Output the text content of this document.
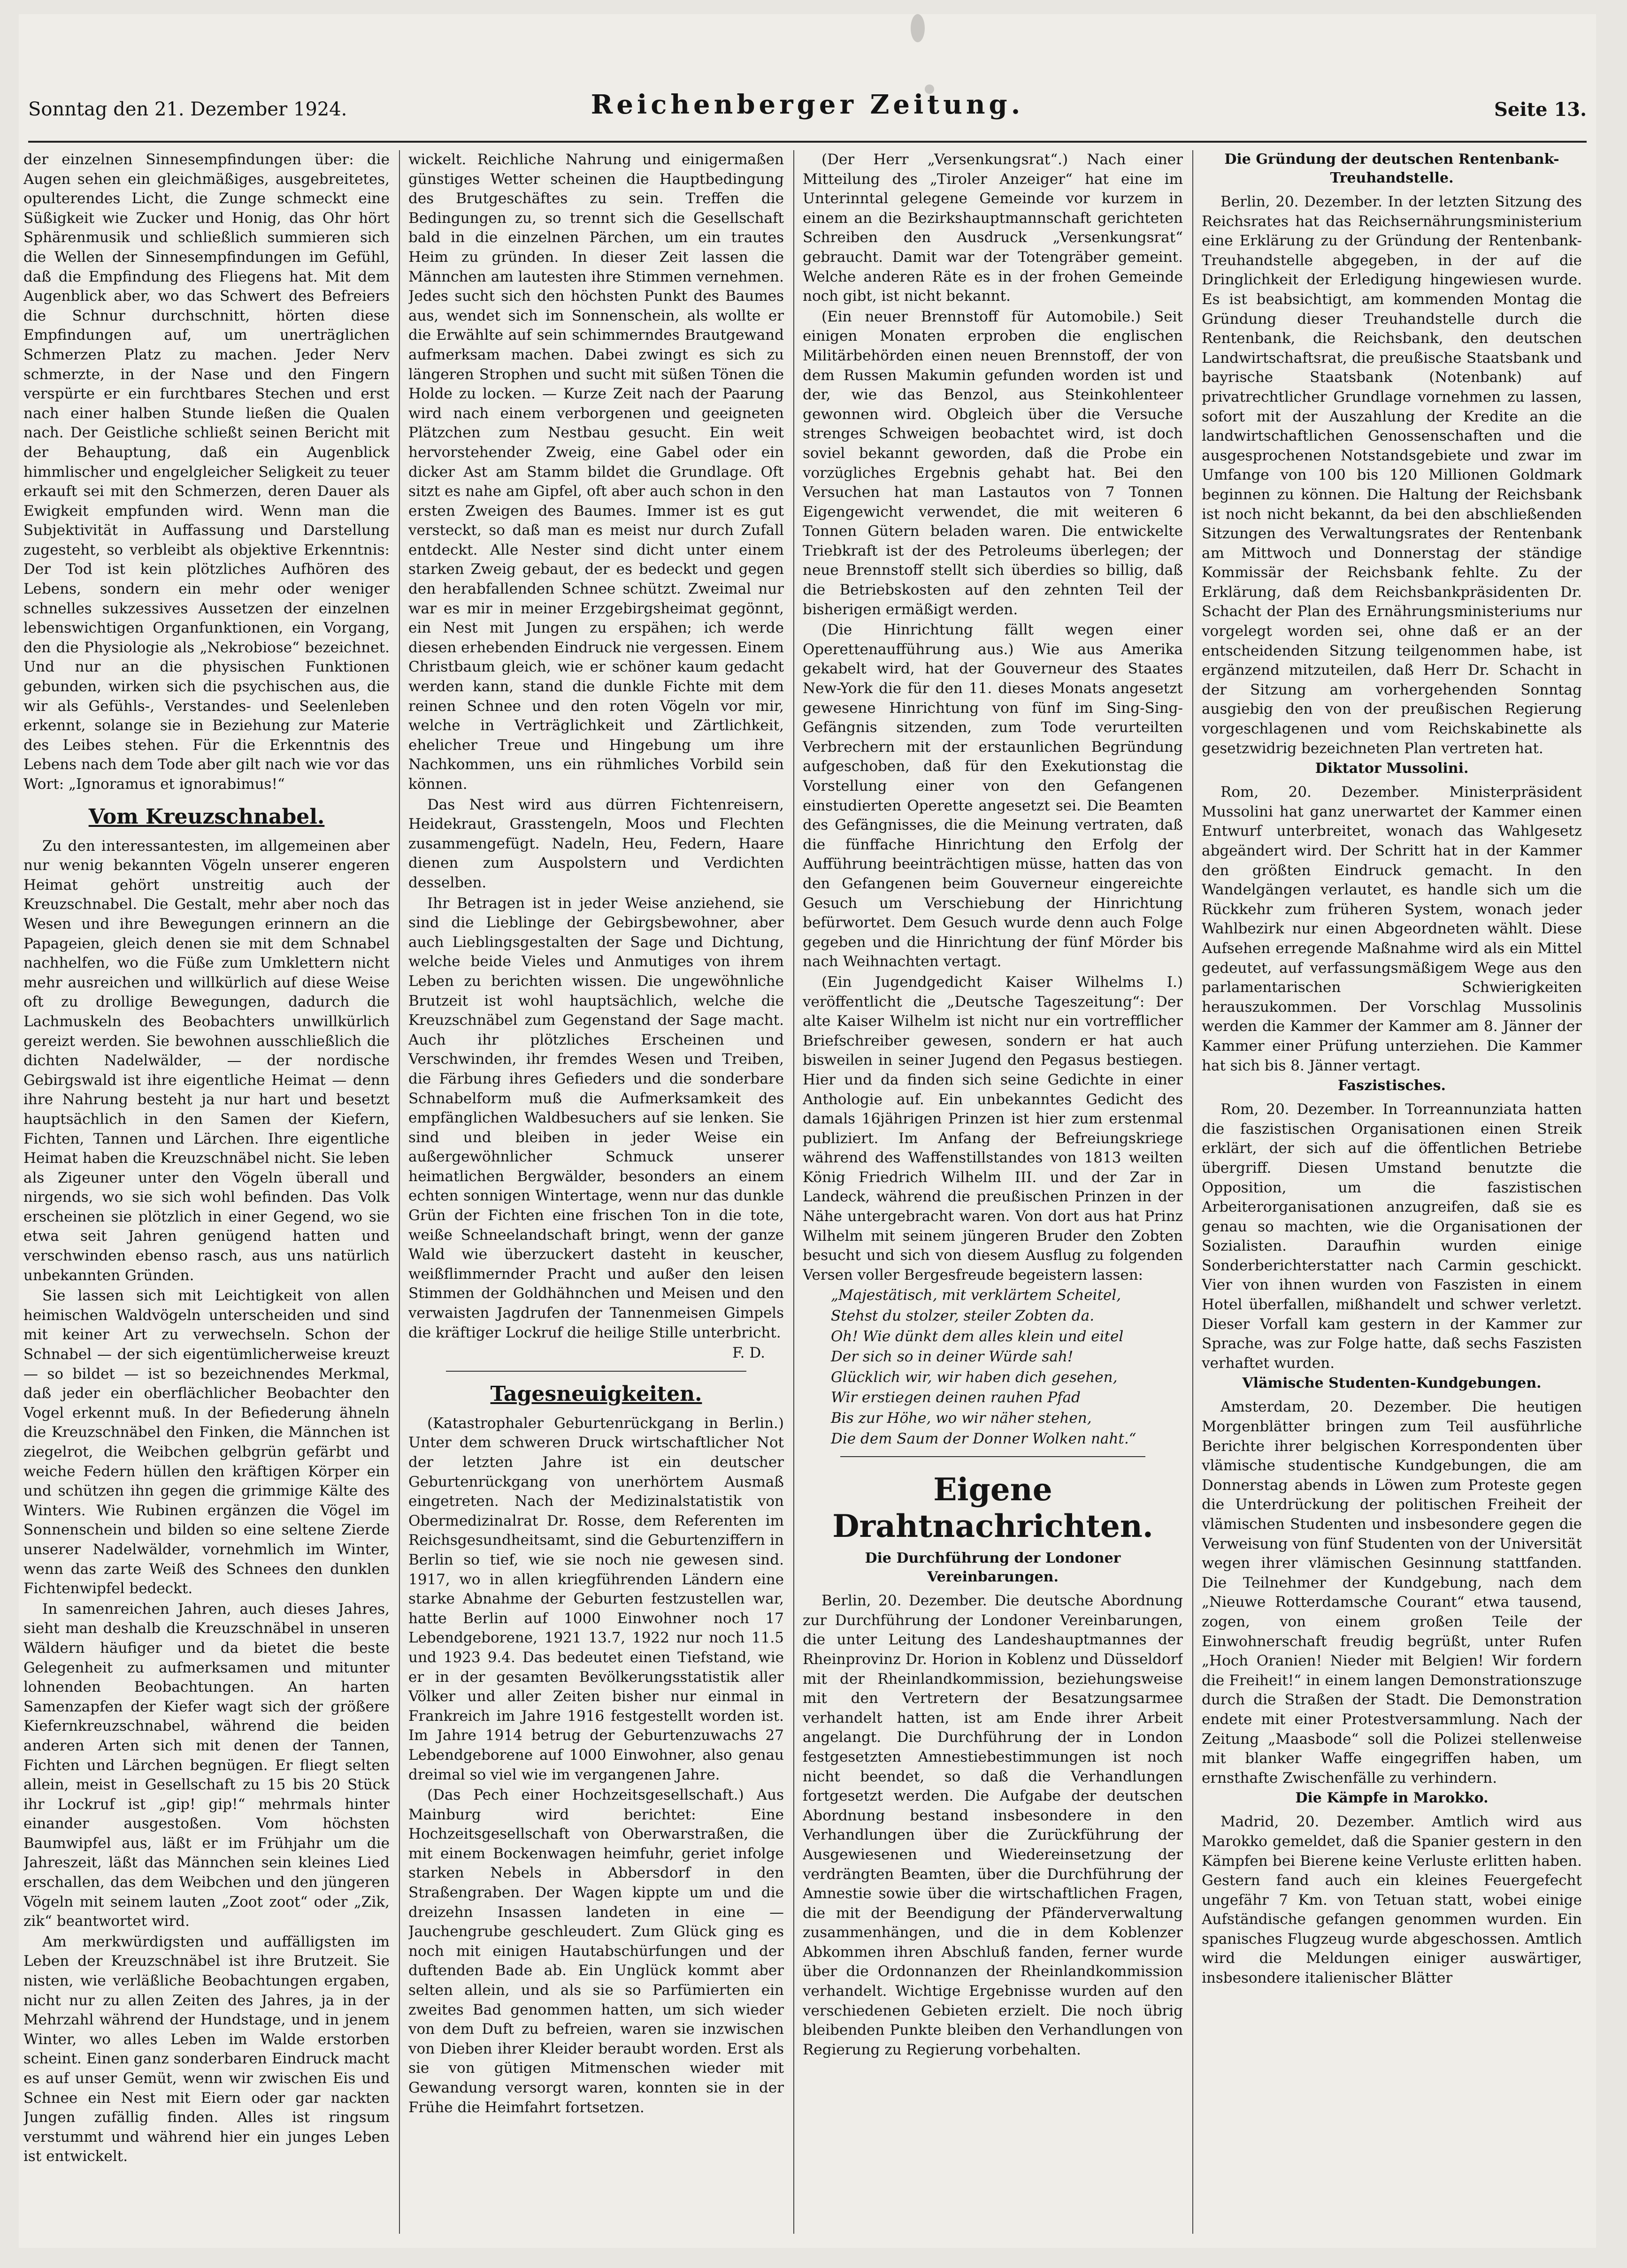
Sonntag den 21. Dezember 1924.	Reichenberger Zeitung.	Seite 13.

der einzelnen Sinnesempfindungen über: die Augen sehen ein gleichmäßiges, ausgebreitetes, opulterendes Licht, die Zunge schmeckt eine Süßigkeit wie Zucker und Honig, das Ohr hört Sphärenmusik und schließlich summieren sich die Wellen der Sinnesempfindungen im Gefühl, daß die Empfindung des Fliegens hat. Mit dem Augenblick aber, wo das Schwert des Befreiers die Schnur durchschnitt, hörten diese Empfindungen auf, um unerträglichen Schmerzen Platz zu machen. Jeder Nerv schmerzte, in der Nase und den Fingern verspürte er ein furchtbares Stechen und erst nach einer halben Stunde ließen die Qualen nach. Der Geistliche schließt seinen Bericht mit der Behauptung, daß ein Augenblick himmlischer und engelgleicher Seligkeit zu teuer erkauft sei mit den Schmerzen, deren Dauer als Ewigkeit empfunden wird. Wenn man die Subjektivität in Auffassung und Darstellung zugesteht, so verbleibt als objektive Erkenntnis: Der Tod ist kein plötzliches Aufhören des Lebens, sondern ein mehr oder weniger schnelles sukzessives Aussetzen der einzelnen lebenswichtigen Organfunktionen, ein Vorgang, den die Physiologie als „Nekrobiose“ bezeichnet. Und nur an die physischen Funktionen gebunden, wirken sich die psychischen aus, die wir als Gefühls-, Verstandes- und Seelenleben erkennt, solange sie in Beziehung zur Materie des Leibes stehen. Für die Erkenntnis des Lebens nach dem Tode aber gilt nach wie vor das Wort: „Ignoramus et ignorabimus!“

Vom Kreuzschnabel.

Zu den interessantesten, im allgemeinen aber nur wenig bekannten Vögeln unserer engeren Heimat gehört unstreitig auch der Kreuzschnabel. Die Gestalt, mehr aber noch das Wesen und ihre Bewegungen erinnern an die Papageien, gleich denen sie mit dem Schnabel nachhelfen, wo die Füße zum Umklettern nicht mehr ausreichen und willkürlich auf diese Weise oft zu drollige Bewegungen, dadurch die Lachmuskeln des Beobachters unwillkürlich gereizt werden. Sie bewohnen ausschließlich die dichten Nadelwälder, — der nordische Gebirgswald ist ihre eigentliche Heimat — denn ihre Nahrung besteht ja nur hart und besetzt hauptsächlich in den Samen der Kiefern, Fichten, Tannen und Lärchen. Ihre eigentliche Heimat haben die Kreuzschnäbel nicht. Sie leben als Zigeuner unter den Vögeln überall und nirgends, wo sie sich wohl befinden. Das Volk erscheinen sie plötzlich in einer Gegend, wo sie etwa seit Jahren genügend hatten und verschwinden ebenso rasch, aus uns natürlich unbekannten Gründen.

Sie lassen sich mit Leichtigkeit von allen heimischen Waldvögeln unterscheiden und sind mit keiner Art zu verwechseln. Schon der Schnabel — der sich eigentümlicherweise kreuzt — so bildet — ist so bezeichnendes Merkmal, daß jeder ein oberflächlicher Beobachter den Vogel erkennt muß. In der Befiederung ähneln die Kreuzschnäbel den Finken, die Männchen ist ziegelrot, die Weibchen gelbgrün gefärbt und weiche Federn hüllen den kräftigen Körper ein und schützen ihn gegen die grimmige Kälte des Winters. Wie Rubinen ergänzen die Vögel im Sonnenschein und bilden so eine seltene Zierde unserer Nadelwälder, vornehmlich im Winter, wenn das zarte Weiß des Schnees den dunklen Fichtenwipfel bedeckt.

In samenreichen Jahren, auch dieses Jahres, sieht man deshalb die Kreuzschnäbel in unseren Wäldern häufiger und da bietet die beste Gelegenheit zu aufmerksamen und mitunter lohnenden Beobachtungen. An harten Samenzapfen der Kiefer wagt sich der größere Kiefernkreuzschnabel, während die beiden anderen Arten sich mit denen der Tannen, Fichten und Lärchen begnügen. Er fliegt selten allein, meist in Gesellschaft zu 15 bis 20 Stück ihr Lockruf ist „gip! gip!“ mehrmals hinter einander ausgestoßen. Vom höchsten Baumwipfel aus, läßt er im Frühjahr um die Jahreszeit, läßt das Männchen sein kleines Lied erschallen, das dem Weibchen und den jüngeren Vögeln mit seinem lauten „Zoot zoot“ oder „Zik, zik“ beantwortet wird.

Am merkwürdigsten und auffälligsten im Leben der Kreuzschnäbel ist ihre Brutzeit. Sie nisten, wie verläßliche Beobachtungen ergaben, nicht nur zu allen Zeiten des Jahres, ja in der Mehrzahl während der Hundstage, und in jenem Winter, wo alles Leben im Walde erstorben scheint. Einen ganz sonderbaren Eindruck macht es auf unser Gemüt, wenn wir zwischen Eis und Schnee ein Nest mit Eiern oder gar nackten Jungen zufällig finden. Alles ist ringsum verstummt und während hier ein junges Leben ist entwickelt.

wickelt. Reichliche Nahrung und einigermaßen günstiges Wetter scheinen die Hauptbedingung des Brutgeschäftes zu sein. Treffen die Bedingungen zu, so trennt sich die Gesellschaft bald in die einzelnen Pärchen, um ein trautes Heim zu gründen. In dieser Zeit lassen die Männchen am lautesten ihre Stimmen vernehmen. Jedes sucht sich den höchsten Punkt des Baumes aus, wendet sich im Sonnenschein, als wollte er die Erwählte auf sein schimmerndes Brautgewand aufmerksam machen. Dabei zwingt es sich zu längeren Strophen und sucht mit süßen Tönen die Holde zu locken. — Kurze Zeit nach der Paarung wird nach einem verborgenen und geeigneten Plätzchen zum Nestbau gesucht. Ein weit hervorstehender Zweig, eine Gabel oder ein dicker Ast am Stamm bildet die Grundlage. Oft sitzt es nahe am Gipfel, oft aber auch schon in den ersten Zweigen des Baumes. Immer ist es gut versteckt, so daß man es meist nur durch Zufall entdeckt. Alle Nester sind dicht unter einem starken Zweig gebaut, der es bedeckt und gegen den herabfallenden Schnee schützt. Zweimal nur war es mir in meiner Erzgebirgsheimat gegönnt, ein Nest mit Jungen zu erspähen; ich werde diesen erhebenden Eindruck nie vergessen. Einem Christbaum gleich, wie er schöner kaum gedacht werden kann, stand die dunkle Fichte mit dem reinen Schnee und den roten Vögeln vor mir, welche in Verträglichkeit und Zärtlichkeit, ehelicher Treue und Hingebung um ihre Nachkommen, uns ein rühmliches Vorbild sein können.

Das Nest wird aus dürren Fichtenreisern, Heidekraut, Grasstengeln, Moos und Flechten zusammengefügt. Nadeln, Heu, Federn, Haare dienen zum Auspolstern und Verdichten desselben.

Ihr Betragen ist in jeder Weise anziehend, sie sind die Lieblinge der Gebirgsbewohner, aber auch Lieblingsgestalten der Sage und Dichtung, welche beide Vieles und Anmutiges von ihrem Leben zu berichten wissen. Die ungewöhnliche Brutzeit ist wohl hauptsächlich, welche die Kreuzschnäbel zum Gegenstand der Sage macht. Auch ihr plötzliches Erscheinen und Verschwinden, ihr fremdes Wesen und Treiben, die Färbung ihres Gefieders und die sonderbare Schnabelform muß die Aufmerksamkeit des empfänglichen Waldbesuchers auf sie lenken. Sie sind und bleiben in jeder Weise ein außergewöhnlicher Schmuck unserer heimatlichen Bergwälder, besonders an einem echten sonnigen Wintertage, wenn nur das dunkle Grün der Fichten eine frischen Ton in die tote, weiße Schneelandschaft bringt, wenn der ganze Wald wie überzuckert dasteht in keuscher, weißflimmernder Pracht und außer den leisen Stimmen der Goldhähnchen und Meisen und den verwaisten Jagdrufen der Tannenmeisen Gimpels die kräftiger Lockruf die heilige Stille unterbricht.

F. D.

Tagesneuigkeiten.

(Katastrophaler Geburtenrückgang in Berlin.) Unter dem schweren Druck wirtschaftlicher Not der letzten Jahre ist ein deutscher Geburtenrückgang von unerhörtem Ausmaß eingetreten. Nach der Medizinalstatistik von Obermedizinalrat Dr. Rosse, dem Referenten im Reichsgesundheitsamt, sind die Geburtenziffern in Berlin so tief, wie sie noch nie gewesen sind. 1917, wo in allen kriegführenden Ländern eine starke Abnahme der Geburten festzustellen war, hatte Berlin auf 1000 Einwohner noch 17 Lebendgeborene, 1921 13.7, 1922 nur noch 11.5 und 1923 9.4. Das bedeutet einen Tiefstand, wie er in der gesamten Bevölkerungsstatistik aller Völker und aller Zeiten bisher nur einmal in Frankreich im Jahre 1916 festgestellt worden ist. Im Jahre 1914 betrug der Geburtenzuwachs 27 Lebendgeborene auf 1000 Einwohner, also genau dreimal so viel wie im vergangenen Jahre.

(Das Pech einer Hochzeitsgesellschaft.) Aus Mainburg wird berichtet: Eine Hochzeitsgesellschaft von Oberwarstraßen, die mit einem Bockenwagen heimfuhr, geriet infolge starken Nebels in Abbersdorf in den Straßengraben. Der Wagen kippte um und die dreizehn Insassen landeten in eine — Jauchengrube geschleudert. Zum Glück ging es noch mit einigen Hautabschürfungen und der duftenden Bade ab. Ein Unglück kommt aber selten allein, und als sie so Parfümierten ein zweites Bad genommen hatten, um sich wieder von dem Duft zu befreien, waren sie inzwischen von Dieben ihrer Kleider beraubt worden. Erst als sie von gütigen Mitmenschen wieder mit Gewandung versorgt waren, konnten sie in der Frühe die Heimfahrt fortsetzen.

(Der Herr „Versenkungsrat“.) Nach einer Mitteilung des „Tiroler Anzeiger“ hat eine im Unterinntal gelegene Gemeinde vor kurzem in einem an die Bezirkshauptmannschaft gerichteten Schreiben den Ausdruck „Versenkungsrat“ gebraucht. Damit war der Totengräber gemeint. Welche anderen Räte es in der frohen Gemeinde noch gibt, ist nicht bekannt.

(Ein neuer Brennstoff für Automobile.) Seit einigen Monaten erproben die englischen Militärbehörden einen neuen Brennstoff, der von dem Russen Makumin gefunden worden ist und der, wie das Benzol, aus Steinkohlenteer gewonnen wird. Obgleich über die Versuche strenges Schweigen beobachtet wird, ist doch soviel bekannt geworden, daß die Probe ein vorzügliches Ergebnis gehabt hat. Bei den Versuchen hat man Lastautos von 7 Tonnen Eigengewicht verwendet, die mit weiteren 6 Tonnen Gütern beladen waren. Die entwickelte Triebkraft ist der des Petroleums überlegen; der neue Brennstoff stellt sich überdies so billig, daß die Betriebskosten auf den zehnten Teil der bisherigen ermäßigt werden.

(Die Hinrichtung fällt wegen einer Operettenaufführung aus.) Wie aus Amerika gekabelt wird, hat der Gouverneur des Staates New-York die für den 11. dieses Monats angesetzt gewesene Hinrichtung von fünf im Sing-Sing-Gefängnis sitzenden, zum Tode verurteilten Verbrechern mit der erstaunlichen Begründung aufgeschoben, daß für den Exekutionstag die Vorstellung einer von den Gefangenen einstudierten Operette angesetzt sei. Die Beamten des Gefängnisses, die die Meinung vertraten, daß die fünffache Hinrichtung den Erfolg der Aufführung beeinträchtigen müsse, hatten das von den Gefangenen beim Gouverneur eingereichte Gesuch um Verschiebung der Hinrichtung befürwortet. Dem Gesuch wurde denn auch Folge gegeben und die Hinrichtung der fünf Mörder bis nach Weihnachten vertagt.

(Ein Jugendgedicht Kaiser Wilhelms I.) veröffentlicht die „Deutsche Tageszeitung“: Der alte Kaiser Wilhelm ist nicht nur ein vortrefflicher Briefschreiber gewesen, sondern er hat auch bisweilen in seiner Jugend den Pegasus bestiegen. Hier und da finden sich seine Gedichte in einer Anthologie auf. Ein unbekanntes Gedicht des damals 16jährigen Prinzen ist hier zum erstenmal publiziert. Im Anfang der Befreiungskriege während des Waffenstillstandes von 1813 weilten König Friedrich Wilhelm III. und der Zar in Landeck, während die preußischen Prinzen in der Nähe untergebracht waren. Von dort aus hat Prinz Wilhelm mit seinem jüngeren Bruder den Zobten besucht und sich von diesem Ausflug zu folgenden Versen voller Bergesfreude begeistern lassen:

„Majestätisch, mit verklärtem Scheitel,

Stehst du stolzer, steiler Zobten da.

Oh! Wie dünkt dem alles klein und eitel

Der sich so in deiner Würde sah!

Glücklich wir, wir haben dich gesehen,

Wir erstiegen deinen rauhen Pfad

Bis zur Höhe, wo wir näher stehen,

Die dem Saum der Donner Wolken naht.“

Eigene Drahtnachrichten.
Die Durchführung der Londoner Vereinbarungen.

Berlin, 20. Dezember. Die deutsche Abordnung zur Durchführung der Londoner Vereinbarungen, die unter Leitung des Landeshauptmannes der Rheinprovinz Dr. Horion in Koblenz und Düsseldorf mit der Rheinlandkommission, beziehungsweise mit den Vertretern der Besatzungsarmee verhandelt hatten, ist am Ende ihrer Arbeit angelangt. Die Durchführung der in London festgesetzten Amnestiebestimmungen ist noch nicht beendet, so daß die Verhandlungen fortgesetzt werden. Die Aufgabe der deutschen Abordnung bestand insbesondere in den Verhandlungen über die Zurückführung der Ausgewiesenen und Wiedereinsetzung der verdrängten Beamten, über die Durchführung der Amnestie sowie über die wirtschaftlichen Fragen, die mit der Beendigung der Pfänderverwaltung zusammenhängen, und die in dem Koblenzer Abkommen ihren Abschluß fanden, ferner wurde über die Ordonnanzen der Rheinlandkommission verhandelt. Wichtige Ergebnisse wurden auf den verschiedenen Gebieten erzielt. Die noch übrig bleibenden Punkte bleiben den Verhandlungen von Regierung zu Regierung vorbehalten.

Die Gründung der deutschen Rentenbank-Treuhandstelle.

Berlin, 20. Dezember. In der letzten Sitzung des Reichsrates hat das Reichsernährungsministerium eine Erklärung zu der Gründung der Rentenbank-Treuhandstelle abgegeben, in der auf die Dringlichkeit der Erledigung hingewiesen wurde. Es ist beabsichtigt, am kommenden Montag die Gründung dieser Treuhandstelle durch die Rentenbank, die Reichsbank, den deutschen Landwirtschaftsrat, die preußische Staatsbank und bayrische Staatsbank (Notenbank) auf privatrechtlicher Grundlage vornehmen zu lassen, sofort mit der Auszahlung der Kredite an die landwirtschaftlichen Genossenschaften und die ausgesprochenen Notstandsgebiete und zwar im Umfange von 100 bis 120 Millionen Goldmark beginnen zu können. Die Haltung der Reichsbank ist noch nicht bekannt, da bei den abschließenden Sitzungen des Verwaltungsrates der Rentenbank am Mittwoch und Donnerstag der ständige Kommissär der Reichsbank fehlte. Zu der Erklärung, daß dem Reichsbankpräsidenten Dr. Schacht der Plan des Ernährungsministeriums nur vorgelegt worden sei, ohne daß er an der entscheidenden Sitzung teilgenommen habe, ist ergänzend mitzuteilen, daß Herr Dr. Schacht in der Sitzung am vorhergehenden Sonntag ausgiebig den von der preußischen Regierung vorgeschlagenen und vom Reichskabinette als gesetzwidrig bezeichneten Plan vertreten hat.

Diktator Mussolini.

Rom, 20. Dezember. Ministerpräsident Mussolini hat ganz unerwartet der Kammer einen Entwurf unterbreitet, wonach das Wahlgesetz abgeändert wird. Der Schritt hat in der Kammer den größten Eindruck gemacht. In den Wandelgängen verlautet, es handle sich um die Rückkehr zum früheren System, wonach jeder Wahlbezirk nur einen Abgeordneten wählt. Diese Aufsehen erregende Maßnahme wird als ein Mittel gedeutet, auf verfassungsmäßigem Wege aus den parlamentarischen Schwierigkeiten herauszukommen. Der Vorschlag Mussolinis werden die Kammer der Kammer am 8. Jänner der Kammer einer Prüfung unterziehen. Die Kammer hat sich bis 8. Jänner vertagt.

Faszistisches.

Rom, 20. Dezember. In Torreannunziata hatten die faszistischen Organisationen einen Streik erklärt, der sich auf die öffentlichen Betriebe übergriff. Diesen Umstand benutzte die Opposition, um die faszistischen Arbeiterorganisationen anzugreifen, daß sie es genau so machten, wie die Organisationen der Sozialisten. Daraufhin wurden einige Sonderberichterstatter nach Carmin geschickt. Vier von ihnen wurden von Faszisten in einem Hotel überfallen, mißhandelt und schwer verletzt. Dieser Vorfall kam gestern in der Kammer zur Sprache, was zur Folge hatte, daß sechs Faszisten verhaftet wurden.

Vlämische Studenten-Kundgebungen.

Amsterdam, 20. Dezember. Die heutigen Morgenblätter bringen zum Teil ausführliche Berichte ihrer belgischen Korrespondenten über vlämische studentische Kundgebungen, die am Donnerstag abends in Löwen zum Proteste gegen die Unterdrückung der politischen Freiheit der vlämischen Studenten und insbesondere gegen die Verweisung von fünf Studenten von der Universität wegen ihrer vlämischen Gesinnung stattfanden. Die Teilnehmer der Kundgebung, nach dem „Nieuwe Rotterdamsche Courant“ etwa tausend, zogen, von einem großen Teile der Einwohnerschaft freudig begrüßt, unter Rufen „Hoch Oranien! Nieder mit Belgien! Wir fordern die Freiheit!“ in einem langen Demonstrationszuge durch die Straßen der Stadt. Die Demonstration endete mit einer Protestversammlung. Nach der Zeitung „Maasbode“ soll die Polizei stellenweise mit blanker Waffe eingegriffen haben, um ernsthafte Zwischenfälle zu verhindern.

Die Kämpfe in Marokko.

Madrid, 20. Dezember. Amtlich wird aus Marokko gemeldet, daß die Spanier gestern in den Kämpfen bei Bierene keine Verluste erlitten haben. Gestern fand auch ein kleines Feuergefecht ungefähr 7 Km. von Tetuan statt, wobei einige Aufständische gefangen genommen wurden. Ein spanisches Flugzeug wurde abgeschossen. Amtlich wird die Meldungen einiger auswärtiger, insbesondere italienischer Blätter
